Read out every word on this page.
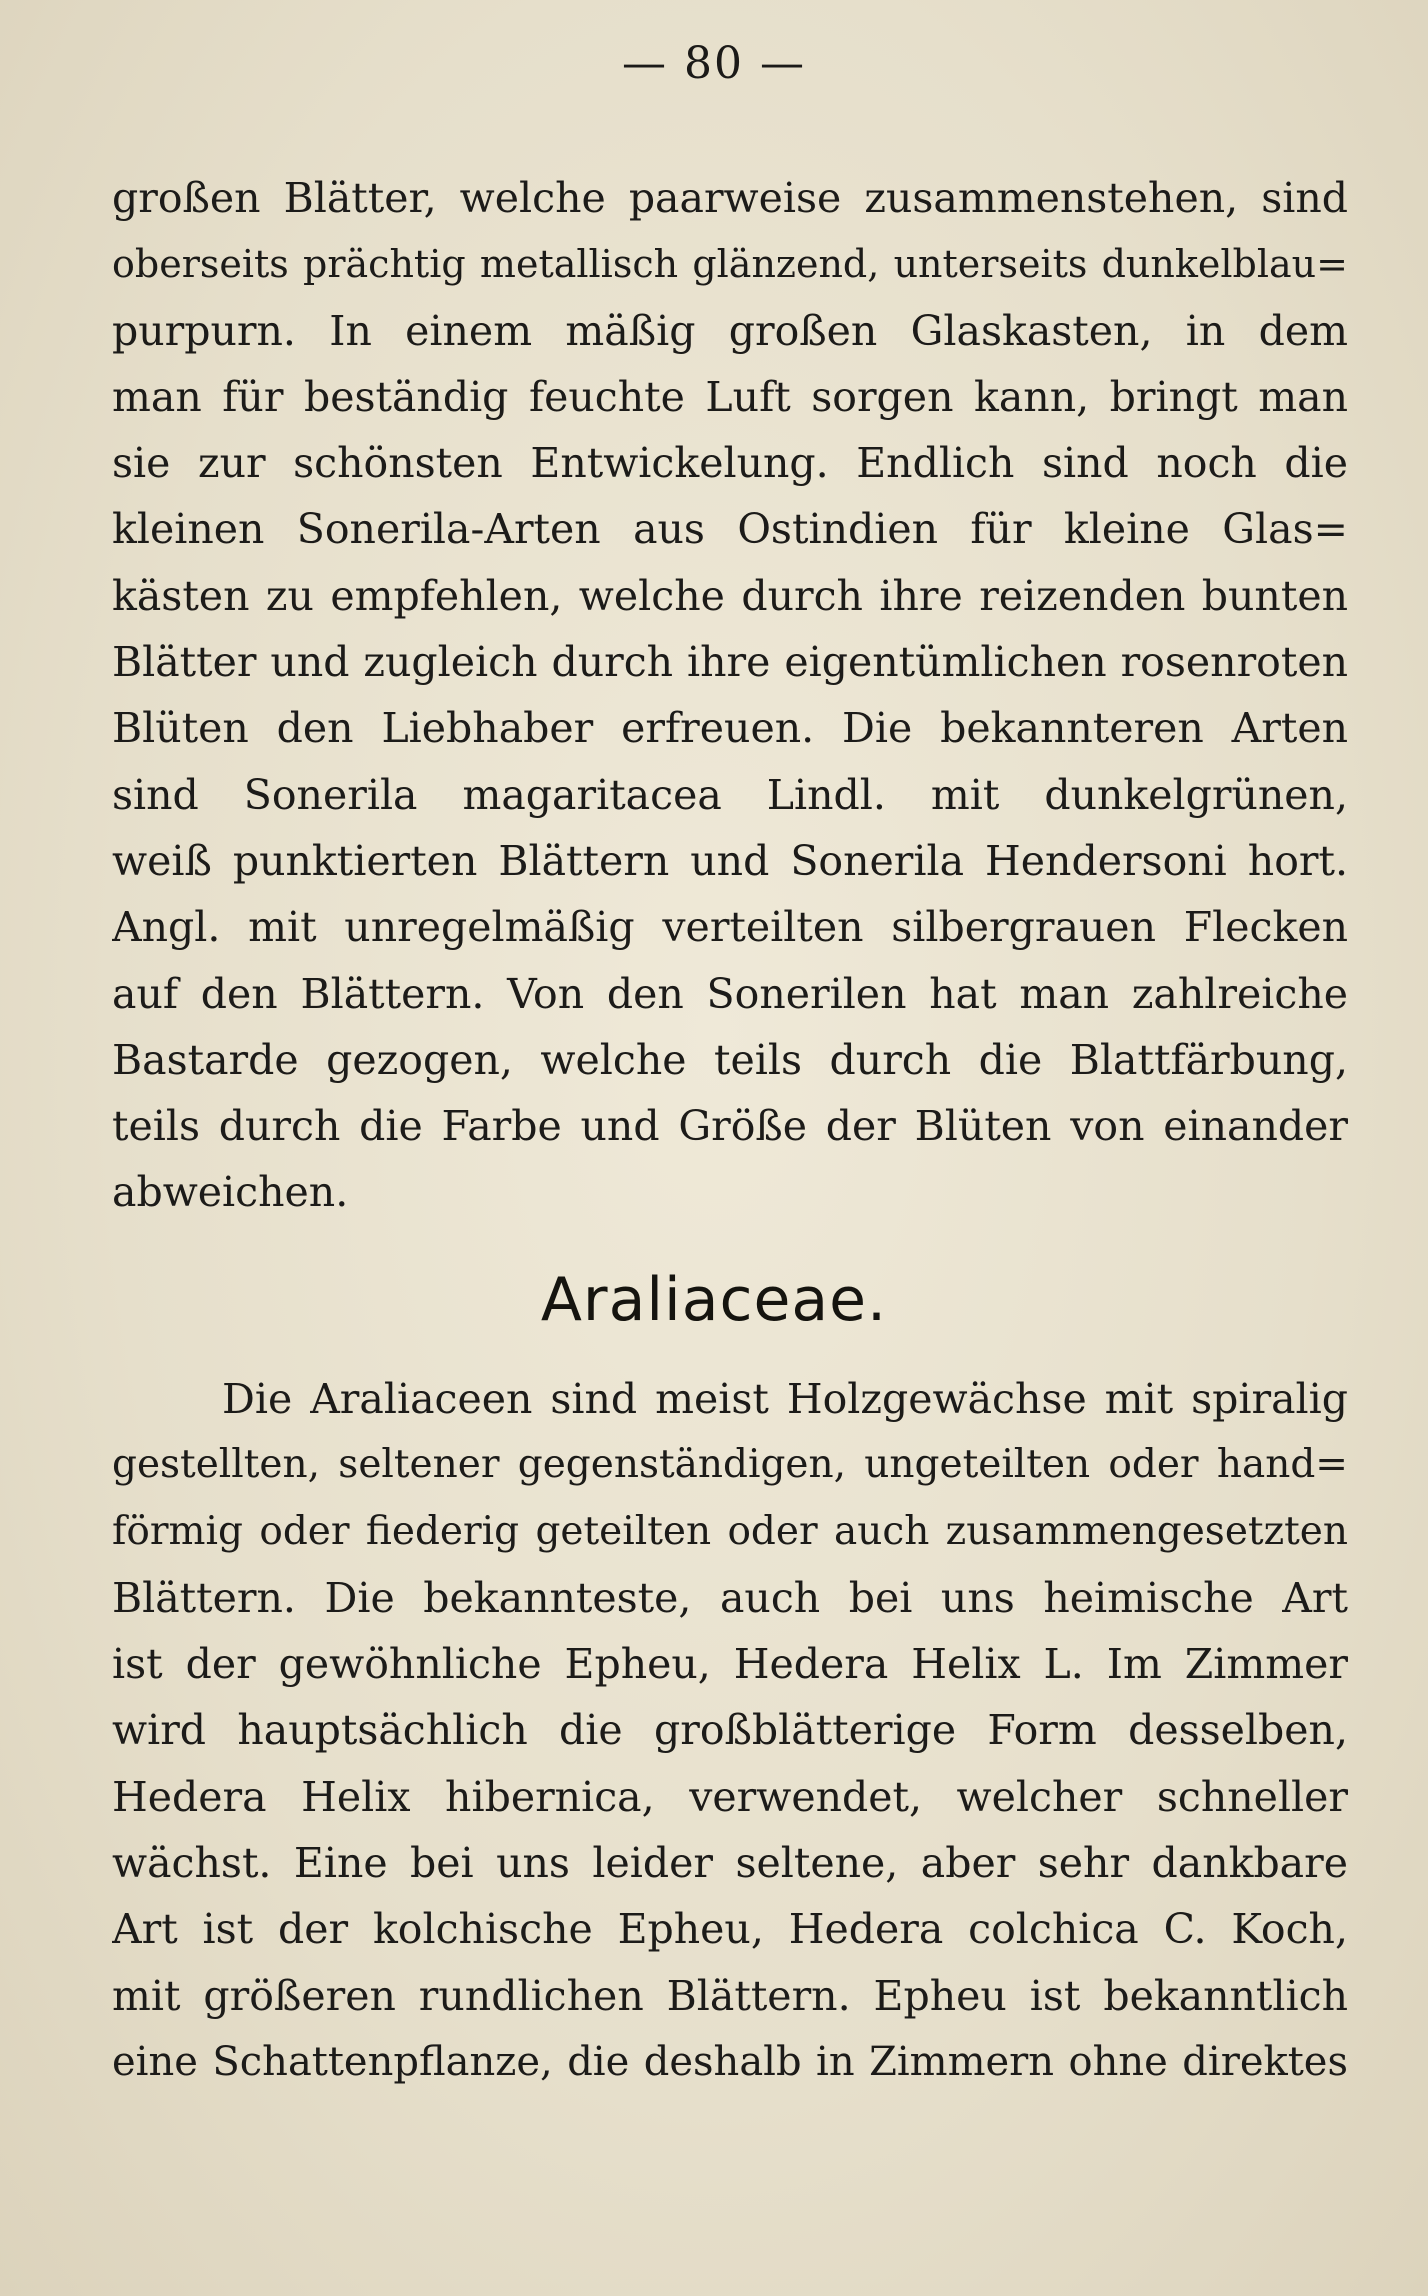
— 80 —
großen Blätter, welche paarweise zusammenstehen, sind
oberseits prächtig metallisch glänzend, unterseits dunkelblau=
purpurn. In einem mäßig großen Glaskasten, in dem
man für beständig feuchte Luft sorgen kann, bringt man
sie zur schönsten Entwickelung. Endlich sind noch die
kleinen Sonerila-Arten aus Ostindien für kleine Glas=
kästen zu empfehlen, welche durch ihre reizenden bunten
Blätter und zugleich durch ihre eigentümlichen rosenroten
Blüten den Liebhaber erfreuen. Die bekannteren Arten
sind Sonerila magaritacea Lindl. mit dunkelgrünen,
weiß punktierten Blättern und Sonerila Hendersoni hort.
Angl. mit unregelmäßig verteilten silbergrauen Flecken
auf den Blättern. Von den Sonerilen hat man zahlreiche
Bastarde gezogen, welche teils durch die Blattfärbung,
teils durch die Farbe und Größe der Blüten von einander
abweichen.
Araliaceae.
Die Araliaceen sind meist Holzgewächse mit spiralig
gestellten, seltener gegenständigen, ungeteilten oder hand=
förmig oder fiederig geteilten oder auch zusammengesetzten
Blättern. Die bekannteste, auch bei uns heimische Art
ist der gewöhnliche Epheu, Hedera Helix L. Im Zimmer
wird hauptsächlich die großblätterige Form desselben,
Hedera Helix hibernica, verwendet, welcher schneller
wächst. Eine bei uns leider seltene, aber sehr dankbare
Art ist der kolchische Epheu, Hedera colchica C. Koch,
mit größeren rundlichen Blättern. Epheu ist bekanntlich
eine Schattenpflanze, die deshalb in Zimmern ohne direktes
